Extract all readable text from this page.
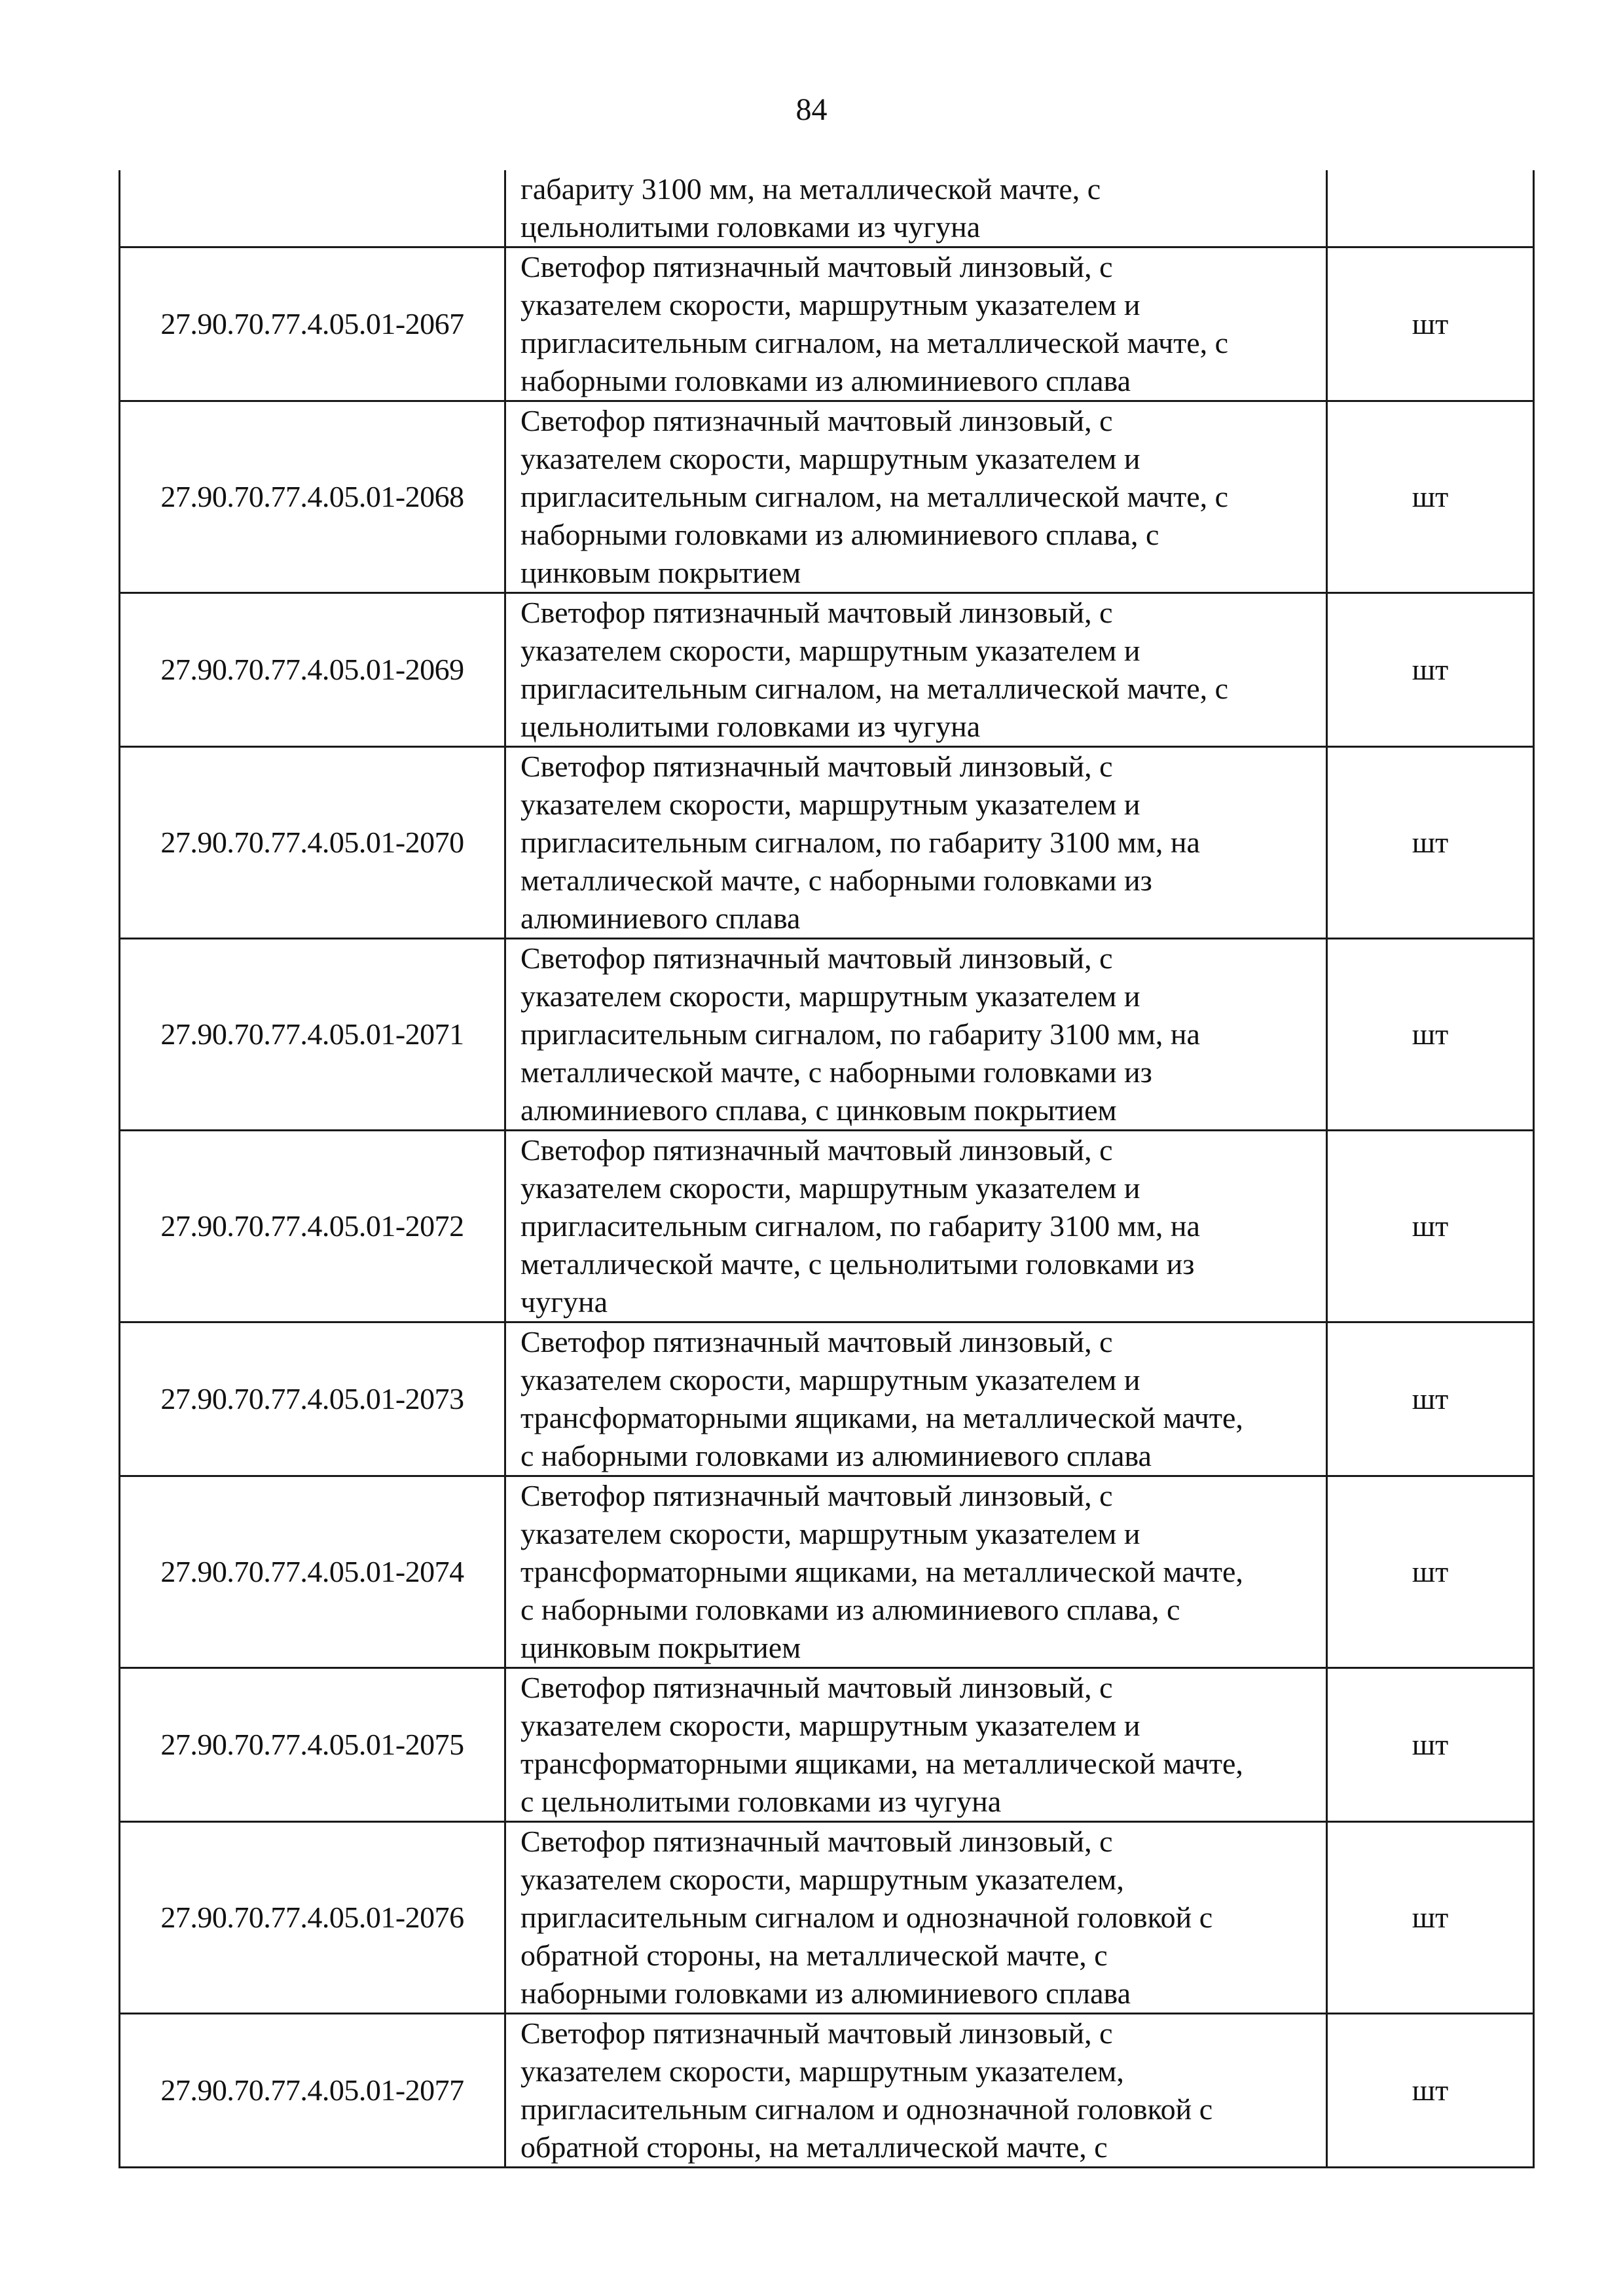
84

	габариту 3100 мм, на металлической мачте, с
цельнолитыми головками из чугуна	

27.90.70.77.4.05.01-2067	Светофор пятизначный мачтовый линзовый, с
указателем скорости, маршрутным указателем и
пригласительным сигналом, на металлической мачте, с
наборными головками из алюминиевого сплава	шт
27.90.70.77.4.05.01-2068	Светофор пятизначный мачтовый линзовый, с
указателем скорости, маршрутным указателем и
пригласительным сигналом, на металлической мачте, с
наборными головками из алюминиевого сплава, с
цинковым покрытием	шт
27.90.70.77.4.05.01-2069	Светофор пятизначный мачтовый линзовый, с
указателем скорости, маршрутным указателем и
пригласительным сигналом, на металлической мачте, с
цельнолитыми головками из чугуна	шт
27.90.70.77.4.05.01-2070	Светофор пятизначный мачтовый линзовый, с
указателем скорости, маршрутным указателем и
пригласительным сигналом, по габариту 3100 мм, на
металлической мачте, с наборными головками из
алюминиевого сплава	шт
27.90.70.77.4.05.01-2071	Светофор пятизначный мачтовый линзовый, с
указателем скорости, маршрутным указателем и
пригласительным сигналом, по габариту 3100 мм, на
металлической мачте, с наборными головками из
алюминиевого сплава, с цинковым покрытием	шт
27.90.70.77.4.05.01-2072	Светофор пятизначный мачтовый линзовый, с
указателем скорости, маршрутным указателем и
пригласительным сигналом, по габариту 3100 мм, на
металлической мачте, с цельнолитыми головками из
чугуна	шт
27.90.70.77.4.05.01-2073	Светофор пятизначный мачтовый линзовый, с
указателем скорости, маршрутным указателем и
трансформаторными ящиками, на металлической мачте,
с наборными головками из алюминиевого сплава	шт
27.90.70.77.4.05.01-2074	Светофор пятизначный мачтовый линзовый, с
указателем скорости, маршрутным указателем и
трансформаторными ящиками, на металлической мачте,
с наборными головками из алюминиевого сплава, с
цинковым покрытием	шт
27.90.70.77.4.05.01-2075	Светофор пятизначный мачтовый линзовый, с
указателем скорости, маршрутным указателем и
трансформаторными ящиками, на металлической мачте,
с цельнолитыми головками из чугуна	шт
27.90.70.77.4.05.01-2076	Светофор пятизначный мачтовый линзовый, с
указателем скорости, маршрутным указателем,
пригласительным сигналом и однозначной головкой с
обратной стороны, на металлической мачте, с
наборными головками из алюминиевого сплава	шт
27.90.70.77.4.05.01-2077	Светофор пятизначный мачтовый линзовый, с
указателем скорости, маршрутным указателем,
пригласительным сигналом и однозначной головкой с
обратной стороны, на металлической мачте, с	шт
